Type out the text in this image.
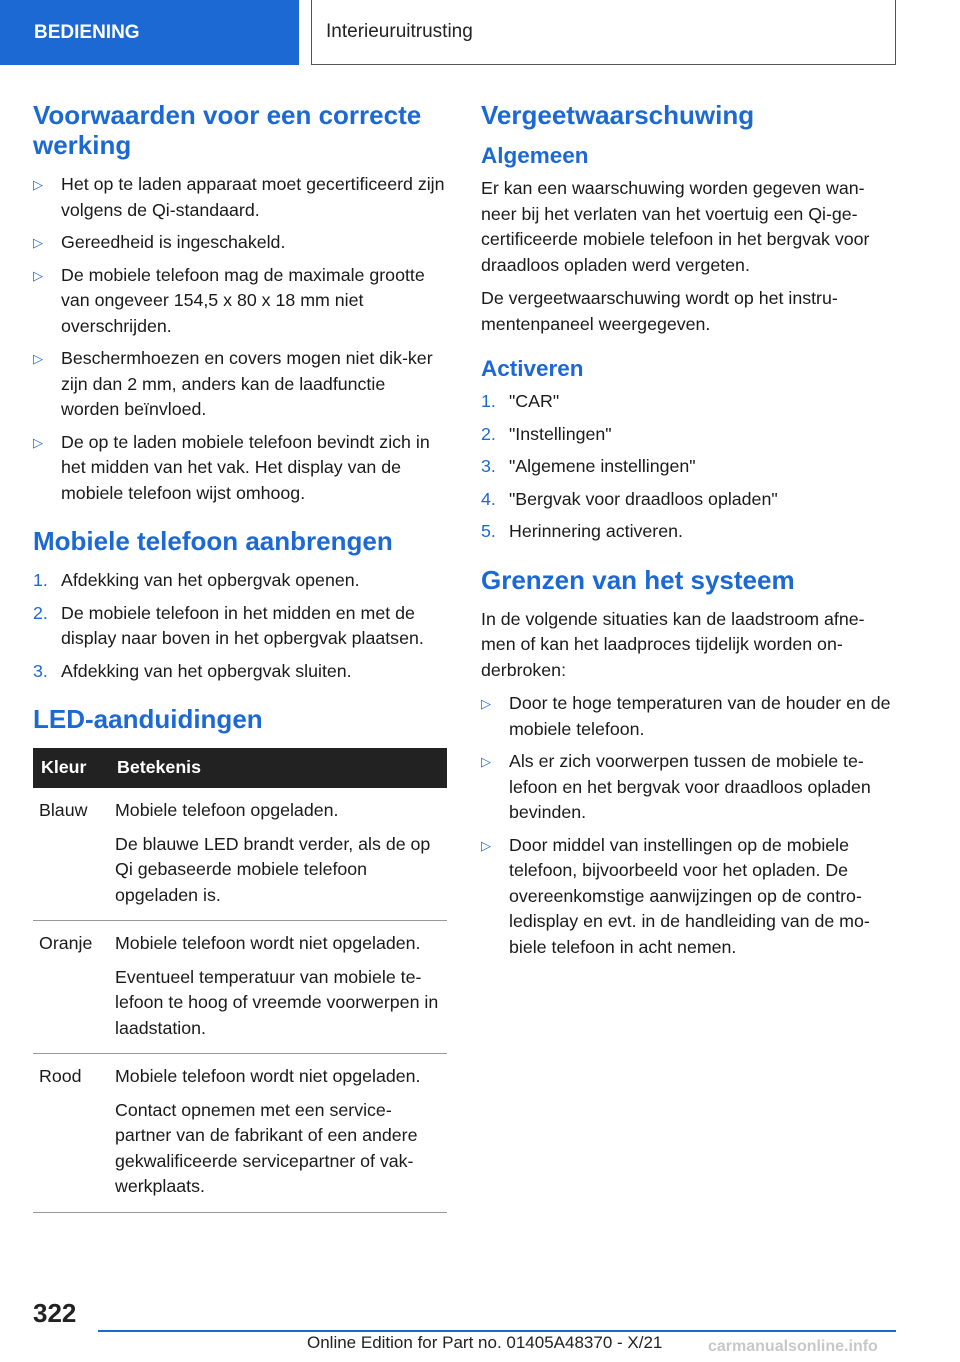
BEDIENING	Interieuruitrusting
Voorwaarden voor een correcte werking
▷ Het op te laden apparaat moet gecertificeerd zijn volgens de Qi-standaard.
▷ Gereedheid is ingeschakeld.
▷ De mobiele telefoon mag de maximale grootte van ongeveer 154,5 x 80 x 18 mm niet overschrijden.
▷ Beschermhoezen en covers mogen niet dik-ker zijn dan 2 mm, anders kan de laadfunctie worden beïnvloed.
▷ De op te laden mobiele telefoon bevindt zich in het midden van het vak. Het display van de mobiele telefoon wijst omhoog.
Mobiele telefoon aanbrengen
1. Afdekking van het opbergvak openen.
2. De mobiele telefoon in het midden en met de display naar boven in het opbergvak plaatsen.
3. Afdekking van het opbergvak sluiten.
LED-aanduidingen
Kleur	Betekenis
Blauw	Mobiele telefoon opgeladen.
De blauwe LED brandt verder, als de op Qi gebaseerde mobiele telefoon opgeladen is.

Oranje	Mobiele telefoon wordt niet opgeladen.
Eventueel temperatuur van mobiele te-lefoon te hoog of vreemde voorwerpen in laadstation.

Rood	Mobiele telefoon wordt niet opgeladen.
Contact opnemen met een service-partner van de fabrikant of een andere gekwalificeerde servicepartner of vak-werkplaats.
Vergeetwaarschuwing
Algemeen

Er kan een waarschuwing worden gegeven wan-neer bij het verlaten van het voertuig een Qi-ge-certificeerde mobiele telefoon in het bergvak voor draadloos opladen werd vergeten.

De vergeetwaarschuwing wordt op het instru-mentenpaneel weergegeven.

Activeren
1. "CAR"
2. "Instellingen"
3. "Algemene instellingen"
4. "Bergvak voor draadloos opladen"
5. Herinnering activeren.
Grenzen van het systeem

In de volgende situaties kan de laadstroom afne-men of kan het laadproces tijdelijk worden on-derbroken:

▷ Door te hoge temperaturen van de houder en de mobiele telefoon.
▷ Als er zich voorwerpen tussen de mobiele te-lefoon en het bergvak voor draadloos opladen bevinden.
▷ Door middel van instellingen op de mobiele telefoon, bijvoorbeeld voor het opladen. De overeenkomstige aanwijzingen op de contro-ledisplay en evt. in de handleiding van de mo-biele telefoon in acht nemen.
322
Online Edition for Part no. 01405A48370 - X/21	carmanualsonline.info
